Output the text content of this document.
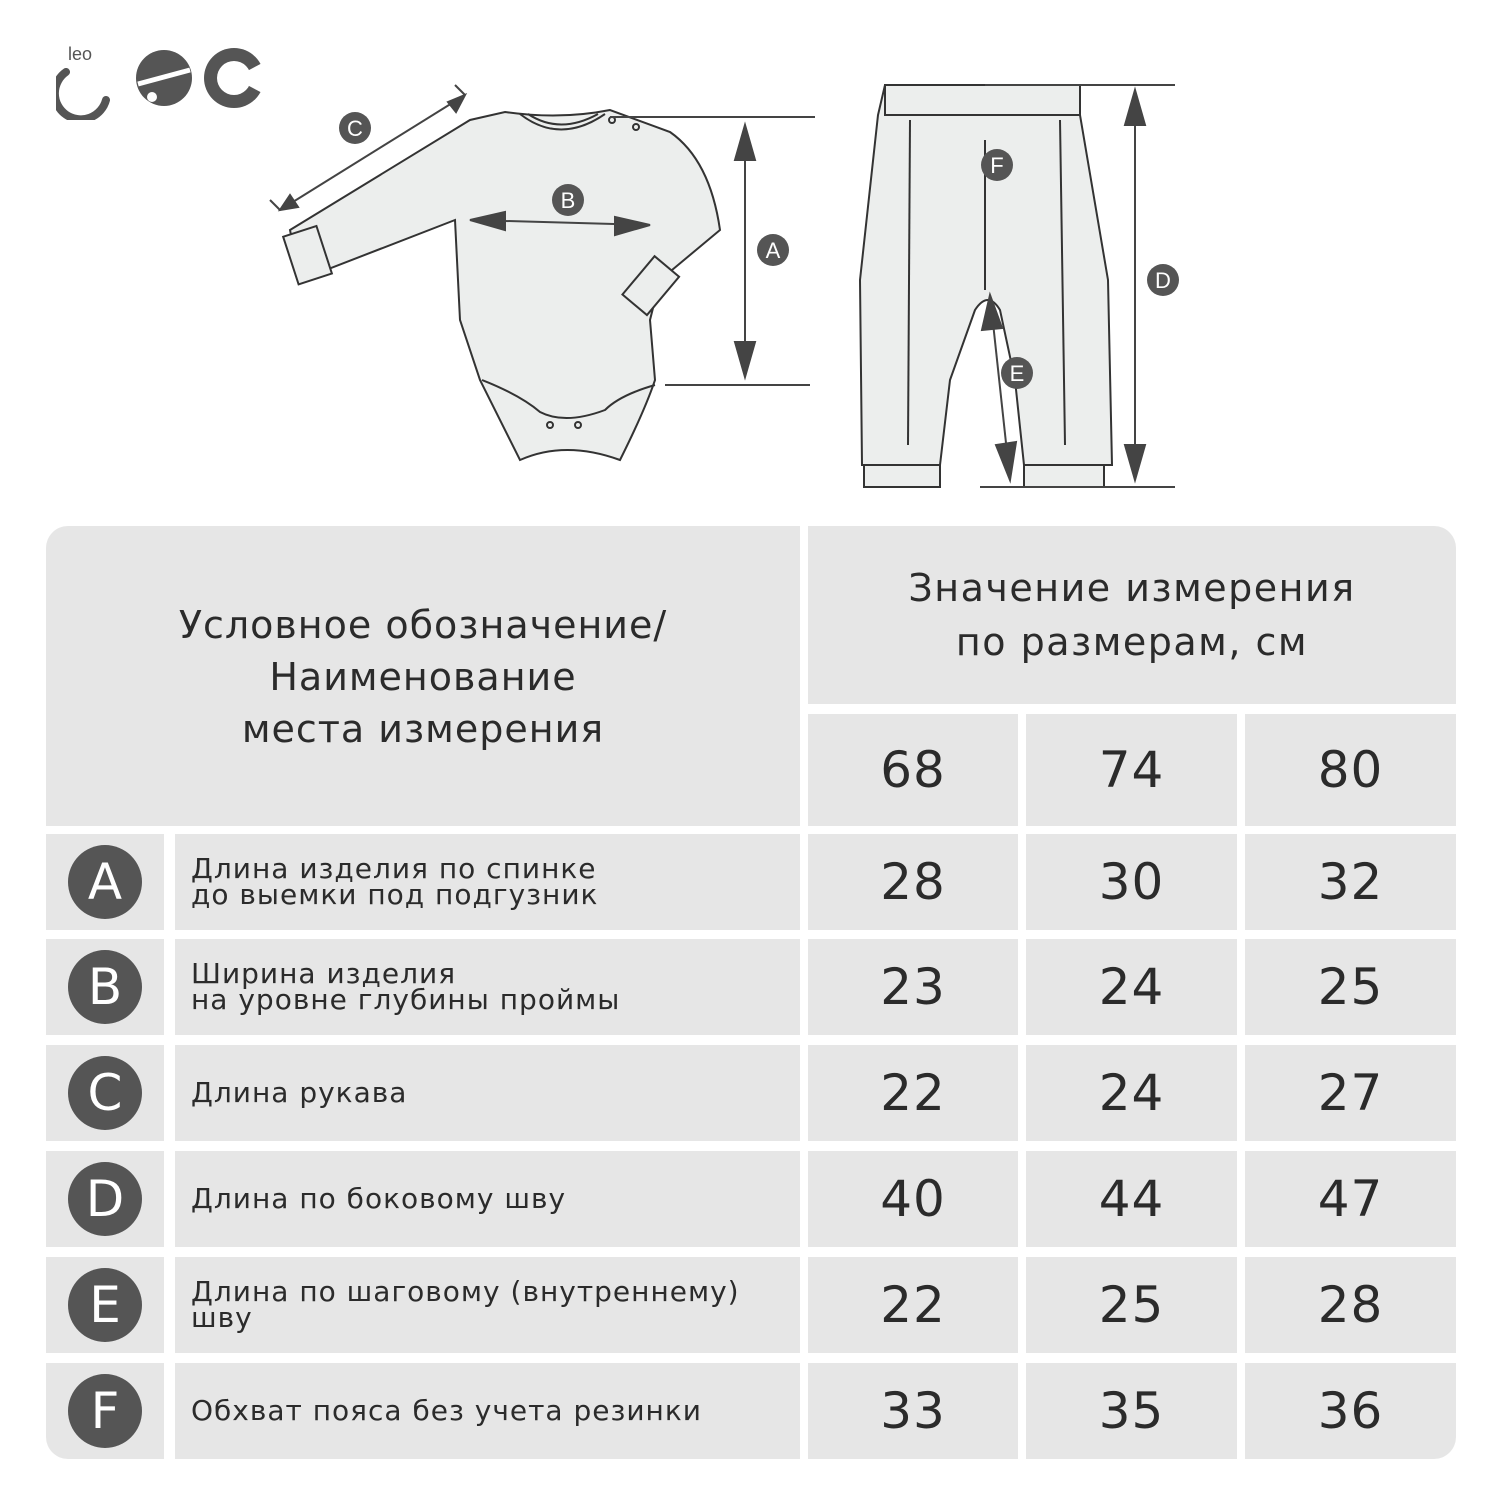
leo
C
B
A
F
D
E
Условное обозначение/
Наименование
места измерения
Значение измерения
по размерам, см
68	74	80
A	Длина изделия по спинке
до выемки под подгузник	28	30	32
B	Ширина изделия
на уровне глубины проймы	23	24	25
C	Длина рукава	22	24	27
D	Длина по боковому шву	40	44	47
E	Длина по шаговому (внутреннему)
шву	22	25	28
F	Обхват пояса без учета резинки	33	35	36
